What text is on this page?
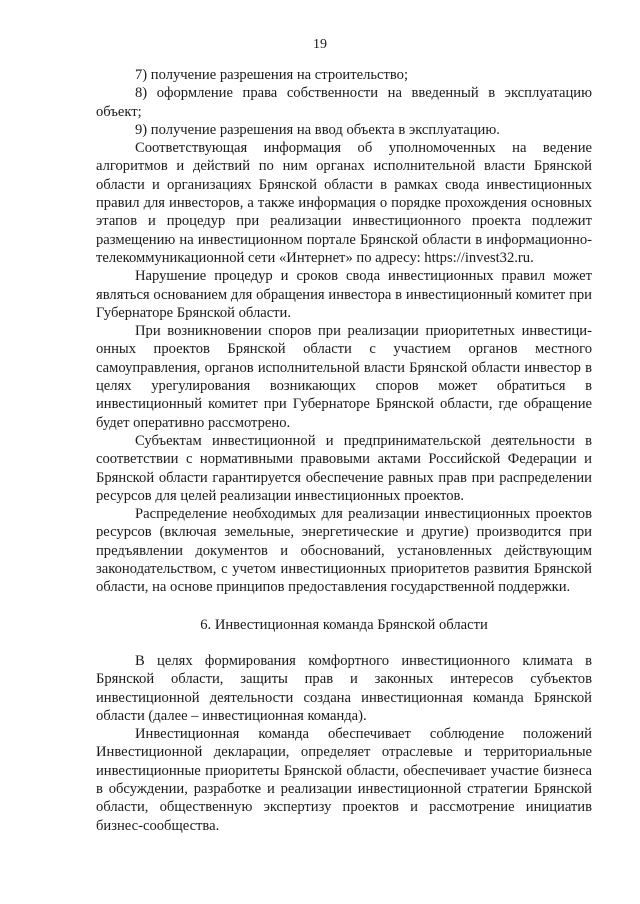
19

7) получение разрешения на строительство;

8) оформление права собственности на введенный в эксплуатацию объект;

9) получение разрешения на ввод объекта в эксплуатацию.

Соответствующая информация об уполномоченных на ведение алгоритмов и действий по ним органах исполнительной власти Брянской области и организациях Брянской области в рамках свода инвестиционных правил для инвесторов, а также информация о порядке прохождения основных этапов и процедур при реализации инвестиционного проекта подлежит размещению на инвестиционном портале Брянской области в информационно-телекоммуникационной сети «Интернет» по адресу: https://invest32.ru.

Нарушение процедур и сроков свода инвестиционных правил может являться основанием для обращения инвестора в инвестиционный комитет при Губернаторе Брянской области.

При возникновении споров при реализации приоритетных инвестиционных проектов Брянской области с участием органов местного самоуправления, органов исполнительной власти Брянской области инвестор в целях урегулирования возникающих споров может обратиться в инвестиционный комитет при Губернаторе Брянской области, где обращение будет оперативно рассмотрено.

Субъектам инвестиционной и предпринимательской деятельности в соответствии с нормативными правовыми актами Российской Федерации и Брянской области гарантируется обеспечение равных прав при распределении ресурсов для целей реализации инвестиционных проектов.

Распределение необходимых для реализации инвестиционных проектов ресурсов (включая земельные, энергетические и другие) производится при предъявлении документов и обоснований, установленных действующим законодательством, с учетом инвестиционных приоритетов развития Брянской области, на основе принципов предоставления государственной поддержки.

6. Инвестиционная команда Брянской области

В целях формирования комфортного инвестиционного климата в Брянской области, защиты прав и законных интересов субъектов инвестиционной деятельности создана инвестиционная команда Брянской области (далее – инвестиционная команда).

Инвестиционная команда обеспечивает соблюдение положений Инвестиционной декларации, определяет отраслевые и территориальные инвестиционные приоритеты Брянской области, обеспечивает участие бизнеса в обсуждении, разработке и реализации инвестиционной стратегии Брянской области, общественную экспертизу проектов и рассмотрение инициатив бизнес-сообщества.
